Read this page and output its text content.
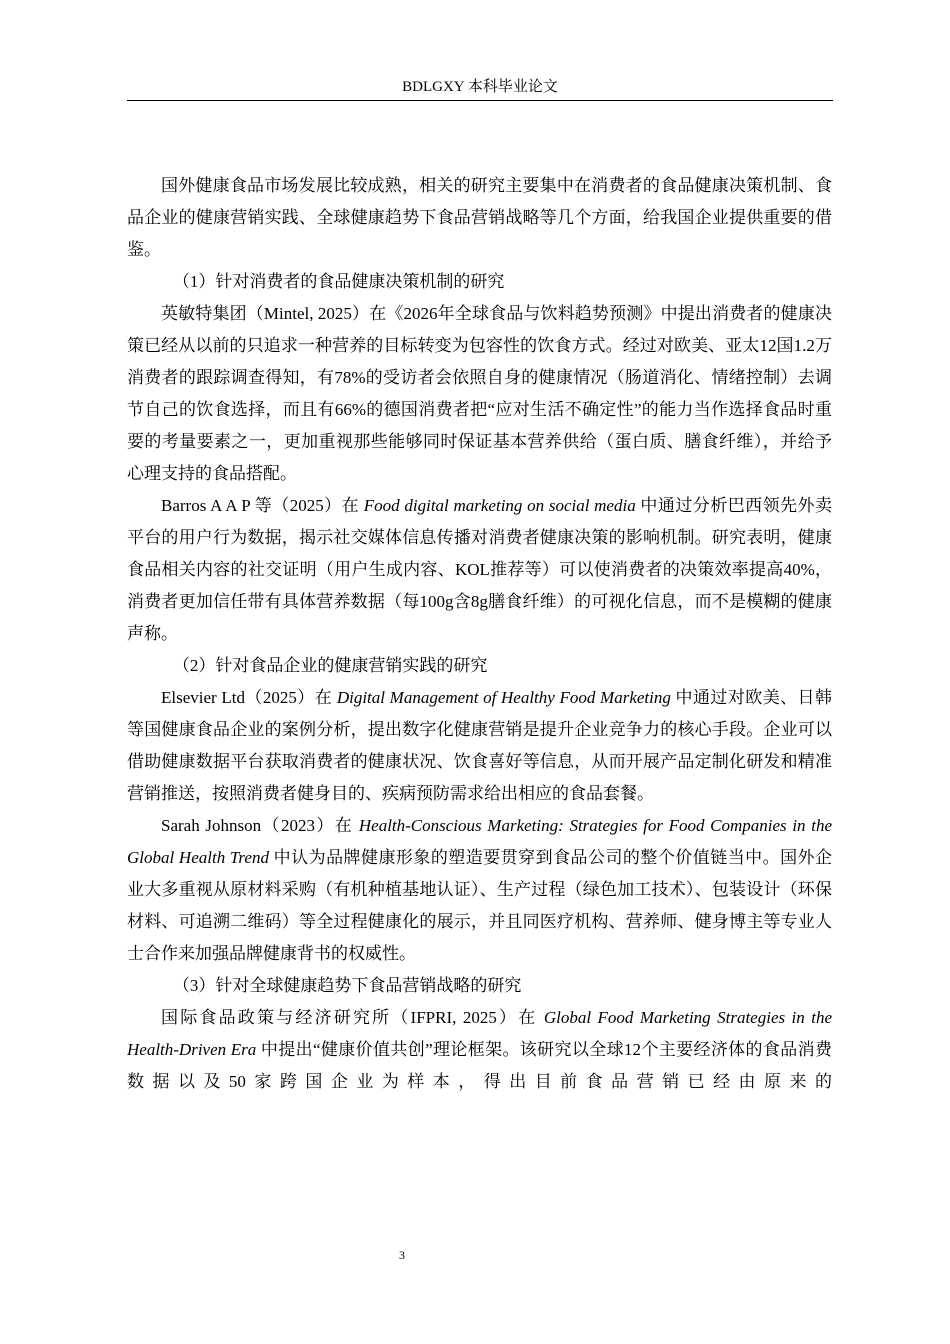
BDLGXY 本科毕业论文

国外健康食品市场发展比较成熟，相关的研究主要集中在消费者的食品健康决策机制、食品企业的健康营销实践、全球健康趋势下食品营销战略等几个方面，给我国企业提供重要的借鉴。

（1）针对消费者的食品健康决策机制的研究

英敏特集团（Mintel, 2025）在《2026年全球食品与饮料趋势预测》中提出消费者的健康决策已经从以前的只追求一种营养的目标转变为包容性的饮食方式。经过对欧美、亚太12国1.2万消费者的跟踪调查得知，有78%的受访者会依照自身的健康情况（肠道消化、情绪控制）去调节自己的饮食选择，而且有66%的德国消费者把“应对生活不确定性”的能力当作选择食品时重要的考量要素之一，更加重视那些能够同时保证基本营养供给（蛋白质、膳食纤维），并给予心理支持的食品搭配。

Barros A A P 等（2025）在 Food digital marketing on social media 中通过分析巴西领先外卖平台的用户行为数据，揭示社交媒体信息传播对消费者健康决策的影响机制。研究表明，健康食品相关内容的社交证明（用户生成内容、KOL推荐等）可以使消费者的决策效率提高40%，消费者更加信任带有具体营养数据（每100g含8g膳食纤维）的可视化信息，而不是模糊的健康声称。

（2）针对食品企业的健康营销实践的研究

Elsevier Ltd（2025）在 Digital Management of Healthy Food Marketing 中通过对欧美、日韩等国健康食品企业的案例分析，提出数字化健康营销是提升企业竞争力的核心手段。企业可以借助健康数据平台获取消费者的健康状况、饮食喜好等信息，从而开展产品定制化研发和精准营销推送，按照消费者健身目的、疾病预防需求给出相应的食品套餐。

Sarah Johnson（2023）在 Health-Conscious Marketing: Strategies for Food Companies in the Global Health Trend 中认为品牌健康形象的塑造要贯穿到食品公司的整个价值链当中。国外企业大多重视从原材料采购（有机种植基地认证）、生产过程（绿色加工技术）、包装设计（环保材料、可追溯二维码）等全过程健康化的展示，并且同医疗机构、营养师、健身博主等专业人士合作来加强品牌健康背书的权威性。

（3）针对全球健康趋势下食品营销战略的研究

国际食品政策与经济研究所（IFPRI, 2025）在 Global Food Marketing Strategies in the Health-Driven Era 中提出“健康价值共创”理论框架。该研究以全球12个主要经济体的食品消费数据以及50家跨国企业为样本，得出目前食品营销已经由原来的

3
